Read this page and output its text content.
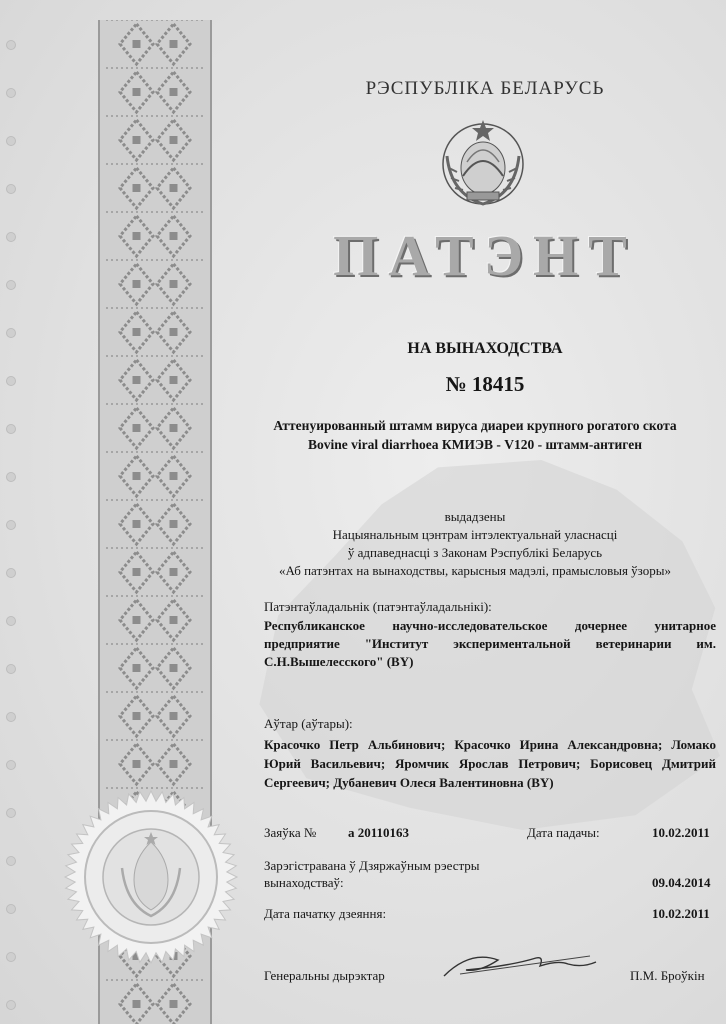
РЭСПУБЛІКА БЕЛАРУСЬ
ПАТЭНТ
НА ВЫНАХОДСТВА
№ 18415
Аттенуированный штамм вируса диареи крупного рогатого скота
Bovine viral diarrhoea КМИЭВ - V120 - штамм-антиген
выдадзены
Нацыянальным цэнтрам інтэлектуальнай уласнасці
ў адпаведнасці з Законам Рэспублікі Беларусь
«Аб патэнтах на вынаходствы, карысныя мадэлі, прамысловыя ўзоры»
Патэнтаўладальнік (патэнтаўладальнікі):
Республиканское научно-исследовательское дочернее унитарное предприятие "Институт экспериментальной ветеринарии им. С.Н.Вышелесского" (BY)
Аўтар (аўтары):
Красочко Петр Альбинович; Красочко Ирина Александровна; Ломако Юрий Васильевич; Яромчик Ярослав Петрович; Борисовец Дмитрий Сергеевич; Дубаневич Олеся Валентиновна (BY)
Заяўка № а 20110163	Дата падачы:	10.02.2011
Зарэгістравана ў Дзяржаўным рэестры
вынаходстваў:	09.04.2014
Дата пачатку дзеяння:	10.02.2011
Генеральны дырэктар	П.М. Броўкін
